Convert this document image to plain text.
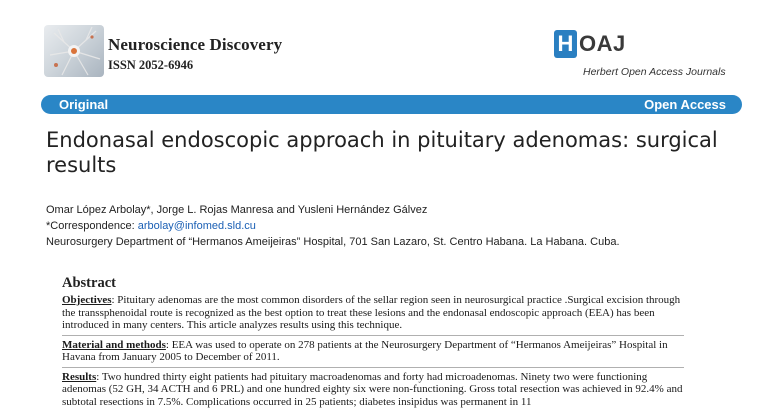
Neuroscience Discovery
ISSN 2052-6946
H OAJ
Herbert Open Access Journals
Original	Open Access
Endonasal endoscopic approach in pituitary adenomas: surgical results
Omar López Arbolay*, Jorge L. Rojas Manresa and Yusleni Hernández Gálvez
*Correspondence: arbolay@infomed.sld.cu
Neurosurgery Department of “Hermanos Ameijeiras” Hospital, 701 San Lazaro, St. Centro Habana. La Habana. Cuba.
Abstract

Objectives: Pituitary adenomas are the most common disorders of the sellar region seen in neurosurgical practice .Surgical excision through the transsphenoidal route is recognized as the best option to treat these lesions and the endonasal endoscopic approach (EEA) has been introduced in many centers. This article analyzes results using this technique.

Material and methods: EEA was used to operate on 278 patients at the Neurosurgery Department of “Hermanos Ameijeiras” Hospital in Havana from January 2005 to December of 2011.

Results: Two hundred thirty eight patients had pituitary macroadenomas and forty had microadenomas. Ninety two were functioning adenomas (52 GH, 34 ACTH and 6 PRL) and one hundred eighty six were non-functioning. Gross total resection was achieved in 92.4% and subtotal resections in 7.5%. Complications occurred in 25 patients; diabetes insipidus was permanent in 11
